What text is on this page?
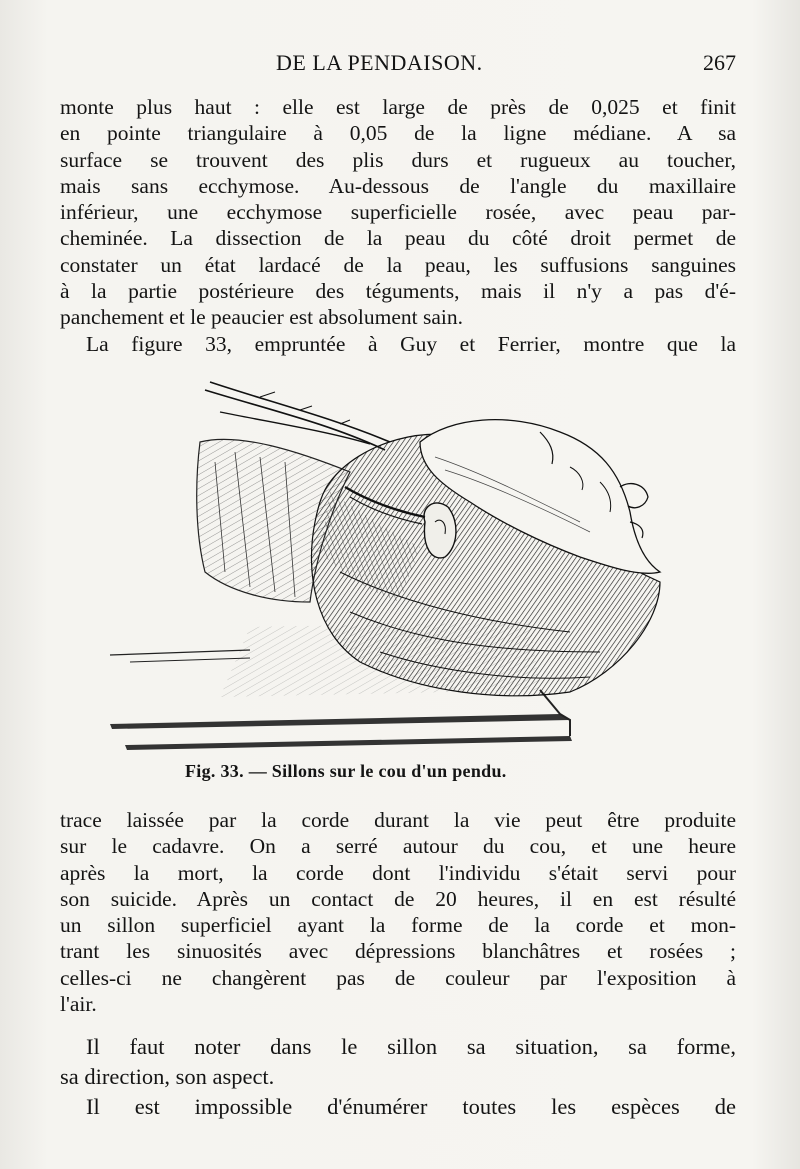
DE LA PENDAISON.	267
monte plus haut : elle est large de près de 0,025 et finit
en pointe triangulaire à 0,05 de la ligne médiane. A sa
surface se trouvent des plis durs et rugueux au toucher,
mais sans ecchymose. Au-dessous de l'angle du maxillaire
inférieur, une ecchymose superficielle rosée, avec peau par-
cheminée. La dissection de la peau du côté droit permet de
constater un état lardacé de la peau, les suffusions sanguines
à la partie postérieure des téguments, mais il n'y a pas d'é-
panchement et le peaucier est absolument sain.
La figure 33, empruntée à Guy et Ferrier, montre que la
Fig. 33. — Sillons sur le cou d'un pendu.
trace laissée par la corde durant la vie peut être produite
sur le cadavre. On a serré autour du cou, et une heure
après la mort, la corde dont l'individu s'était servi pour
son suicide. Après un contact de 20 heures, il en est résulté
un sillon superficiel ayant la forme de la corde et mon-
trant les sinuosités avec dépressions blanchâtres et rosées ;
celles-ci ne changèrent pas de couleur par l'exposition à
l'air.
Il faut noter dans le sillon sa situation, sa forme,
sa direction, son aspect.
Il est impossible d'énumérer toutes les espèces de
